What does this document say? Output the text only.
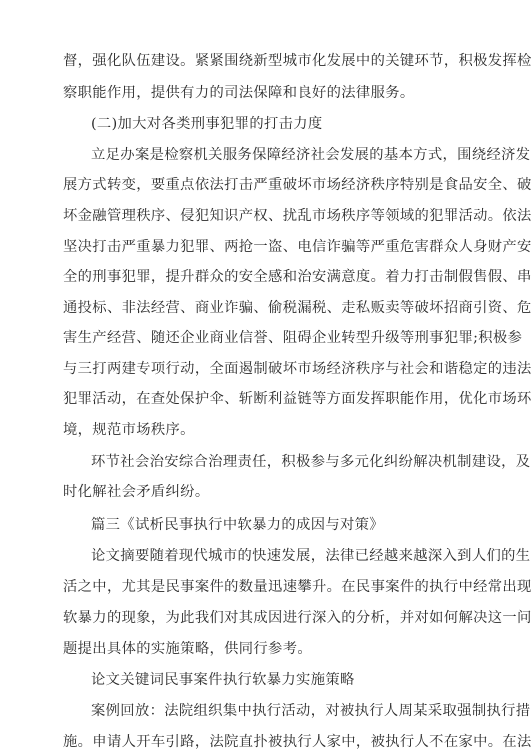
督，强化队伍建设。紧紧围绕新型城市化发展中的关键环节，积极发挥检
察职能作用，提供有力的司法保障和良好的法律服务。
(二)加大对各类刑事犯罪的打击力度
立足办案是检察机关服务保障经济社会发展的基本方式，围绕经济发
展方式转变，要重点依法打击严重破坏市场经济秩序特别是食品安全、破
坏金融管理秩序、侵犯知识产权、扰乱市场秩序等领域的犯罪活动。依法
坚决打击严重暴力犯罪、两抢一盗、电信诈骗等严重危害群众人身财产安
全的刑事犯罪，提升群众的安全感和治安满意度。着力打击制假售假、串
通投标、非法经营、商业诈骗、偷税漏税、走私贩卖等破坏招商引资、危
害生产经营、随还企业商业信誉、阻碍企业转型升级等刑事犯罪;积极参
与三打两建专项行动，全面遏制破坏市场经济秩序与社会和谐稳定的违法
犯罪活动，在查处保护伞、斩断利益链等方面发挥职能作用，优化市场环
境，规范市场秩序。
环节社会治安综合治理责任，积极参与多元化纠纷解决机制建设，及
时化解社会矛盾纠纷。
篇三《试析民事执行中软暴力的成因与对策》
论文摘要随着现代城市的快速发展，法律已经越来越深入到人们的生
活之中，尤其是民事案件的数量迅速攀升。在民事案件的执行中经常出现
软暴力的现象，为此我们对其成因进行深入的分析，并对如何解决这一问
题提出具体的实施策略，供同行参考。
论文关键词民事案件执行软暴力实施策略
案例回放：法院组织集中执行活动，对被执行人周某采取强制执行措
施。申请人开车引路，法院直扑被执行人家中，被执行人不在家中。在法
